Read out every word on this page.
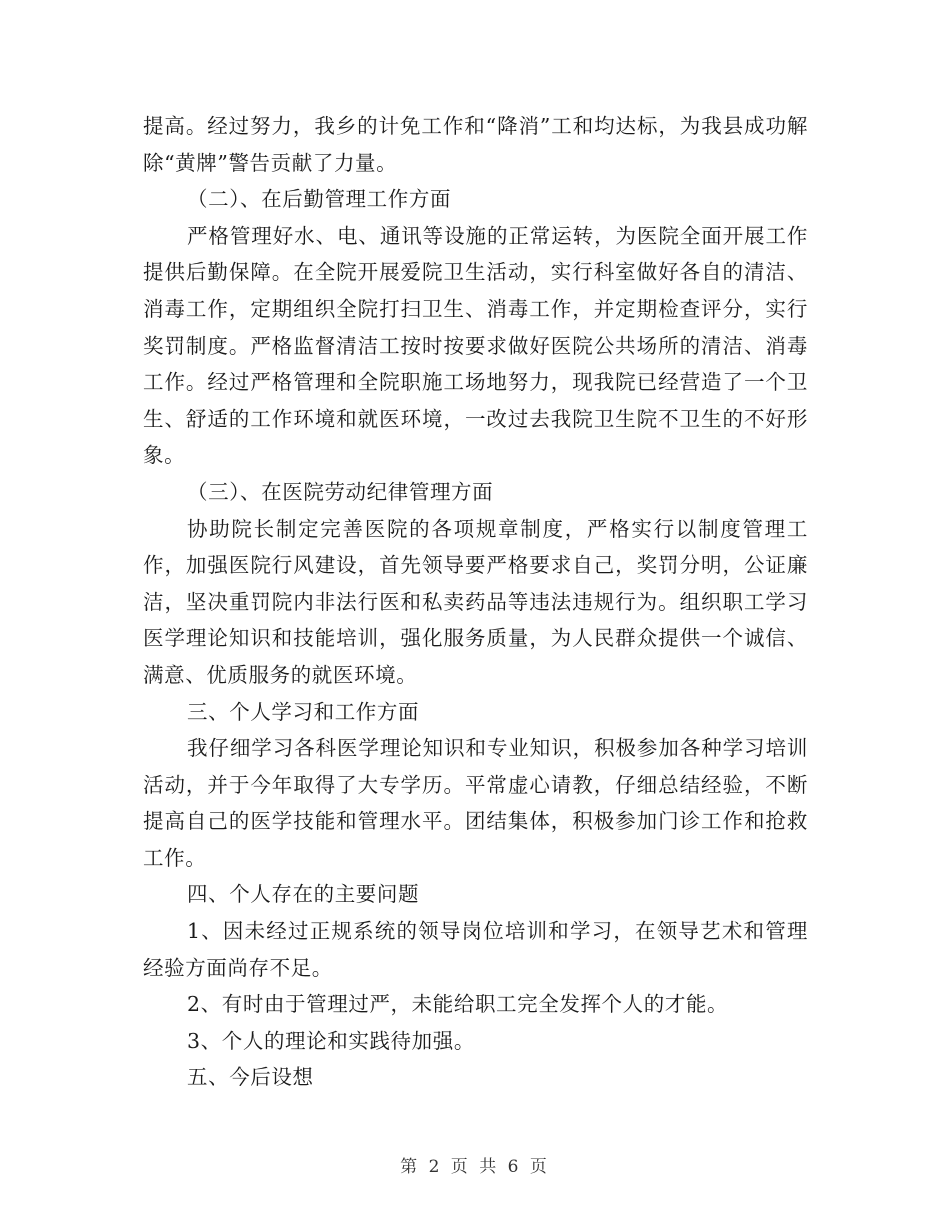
提高。经过努力，我乡的计免工作和“降消”工和均达标，为我县成功解除“黄牌”警告贡献了力量。

（二）、在后勤管理工作方面

严格管理好水、电、通讯等设施的正常运转，为医院全面开展工作提供后勤保障。在全院开展爱院卫生活动，实行科室做好各自的清洁、消毒工作，定期组织全院打扫卫生、消毒工作，并定期检查评分，实行奖罚制度。严格监督清洁工按时按要求做好医院公共场所的清洁、消毒工作。经过严格管理和全院职施工场地努力，现我院已经营造了一个卫生、舒适的工作环境和就医环境，一改过去我院卫生院不卫生的不好形象。

（三）、在医院劳动纪律管理方面

协助院长制定完善医院的各项规章制度，严格实行以制度管理工作，加强医院行风建设，首先领导要严格要求自己，奖罚分明，公证廉洁，坚决重罚院内非法行医和私卖药品等违法违规行为。组织职工学习医学理论知识和技能培训，强化服务质量，为人民群众提供一个诚信、满意、优质服务的就医环境。

三、个人学习和工作方面

我仔细学习各科医学理论知识和专业知识，积极参加各种学习培训活动，并于今年取得了大专学历。平常虚心请教，仔细总结经验，不断提高自己的医学技能和管理水平。团结集体，积极参加门诊工作和抢救工作。

四、个人存在的主要问题

1、因未经过正规系统的领导岗位培训和学习，在领导艺术和管理经验方面尚存不足。

2、有时由于管理过严，未能给职工完全发挥个人的才能。

3、个人的理论和实践待加强。

五、今后设想

第 2 页 共 6 页
